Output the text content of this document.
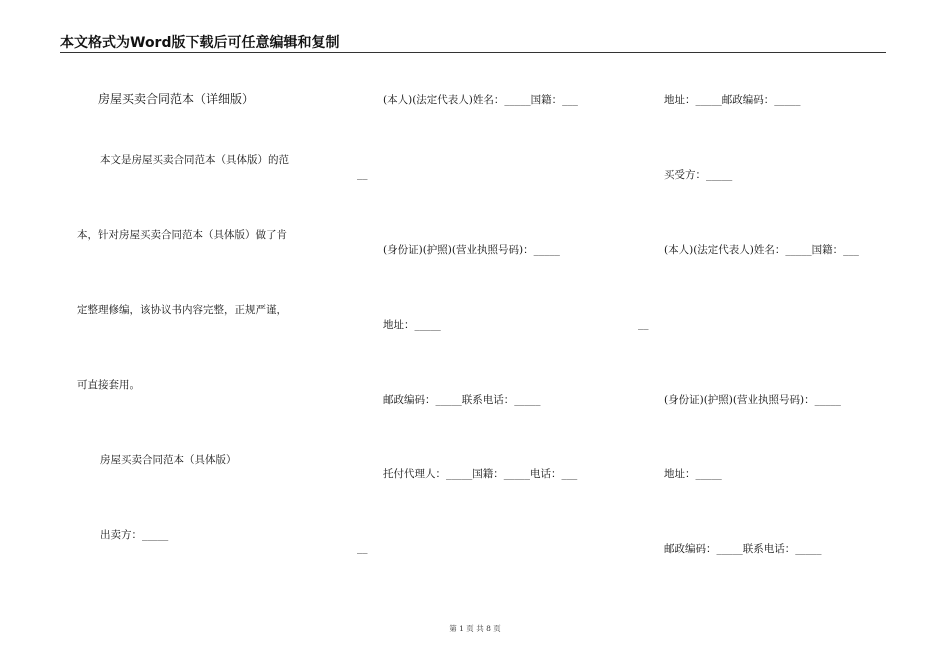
本文格式为Word版下载后可任意编辑和复制
房屋买卖合同范本（详细版）
本文是房屋买卖合同范本（具体版）的范
本，针对房屋买卖合同范本（具体版）做了肯
定整理修编，该协议书内容完整，正规严谨，
可直接套用。
房屋买卖合同范本（具体版）
出卖方：_____
(本人)(法定代表人)姓名：_____国籍：___
__
(身份证)(护照)(营业执照号码)：_____
地址：_____
邮政编码：_____联系电话：_____
托付代理人：_____国籍：_____电话：___
__
地址：_____邮政编码：_____
买受方：_____
(本人)(法定代表人)姓名：_____国籍：___
__
(身份证)(护照)(营业执照号码)：_____
地址：_____
邮政编码：_____联系电话：_____
第 1 页 共 8 页
